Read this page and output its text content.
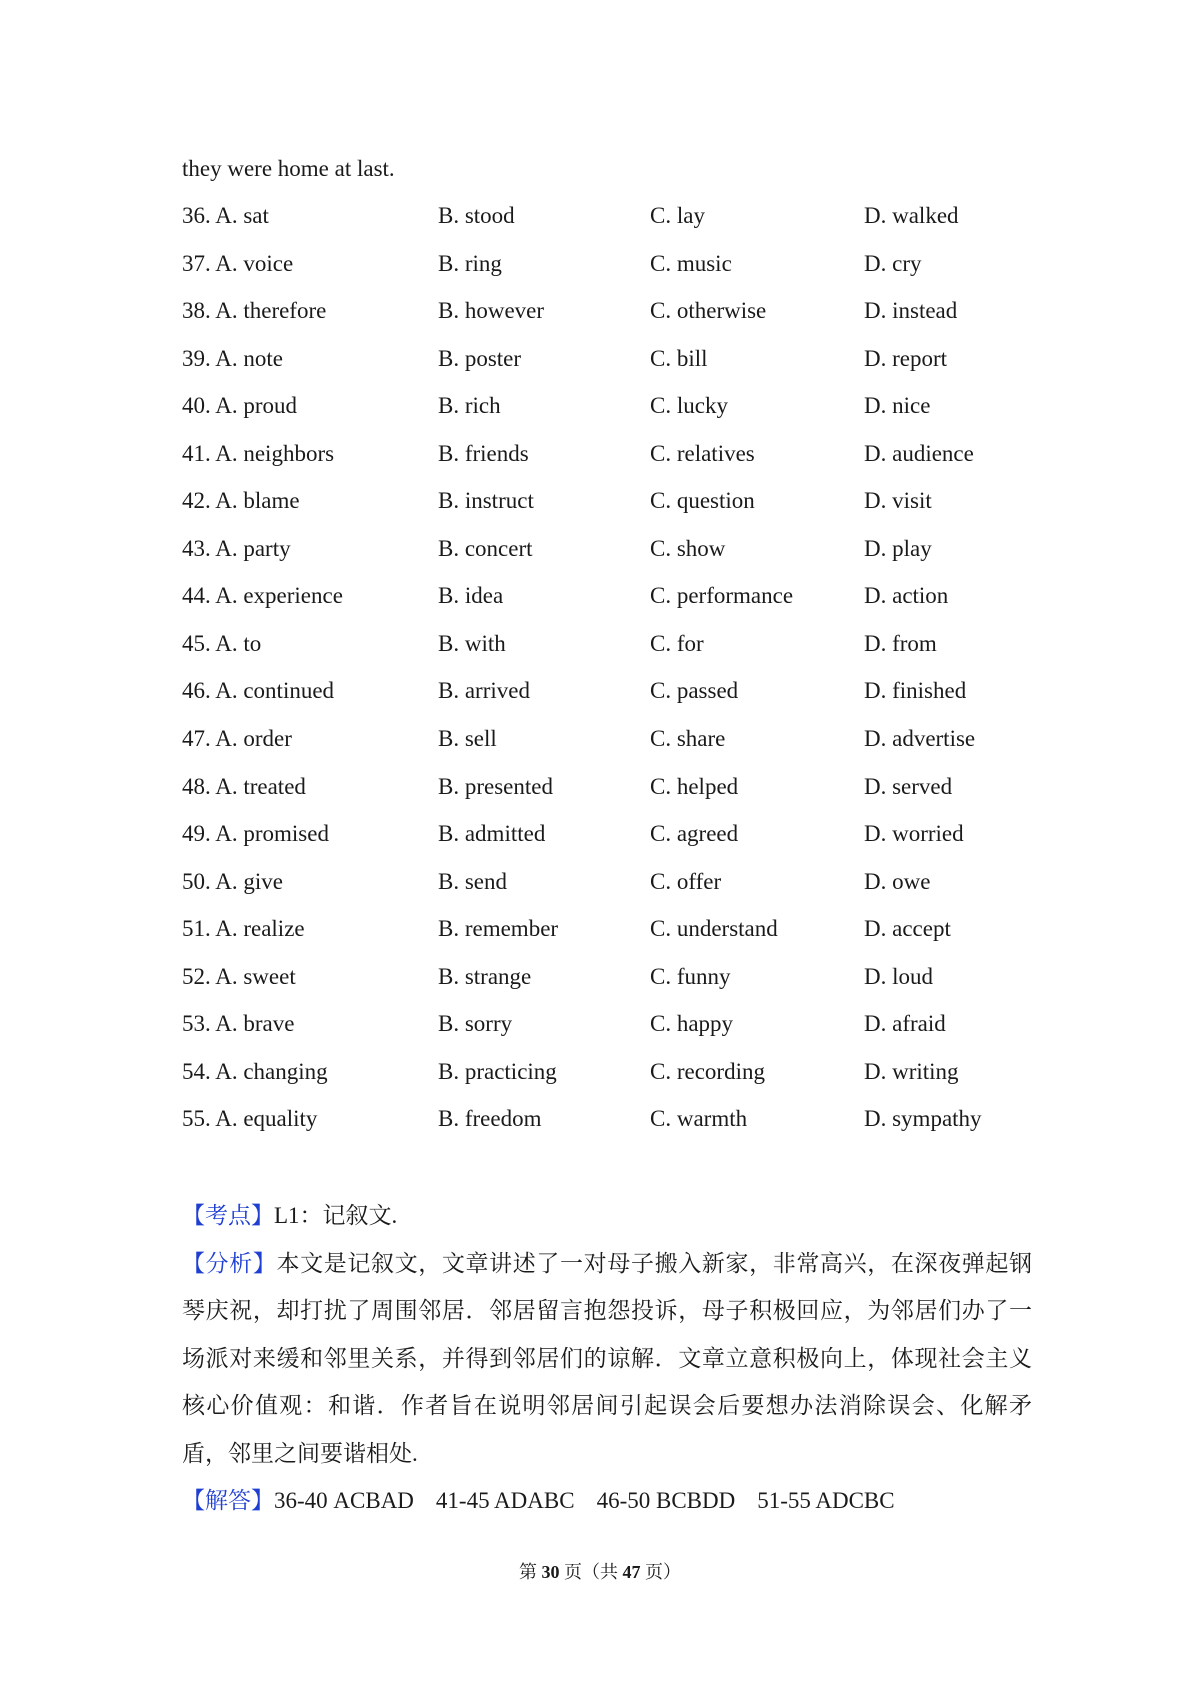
they were home at last.
36. A. sat	B. stood	C. lay	D. walked
37. A. voice	B. ring	C. music	D. cry
38. A. therefore	B. however	C. otherwise	D. instead
39. A. note	B. poster	C. bill	D. report
40. A. proud	B. rich	C. lucky	D. nice
41. A. neighbors	B. friends	C. relatives	D. audience
42. A. blame	B. instruct	C. question	D. visit
43. A. party	B. concert	C. show	D. play
44. A. experience	B. idea	C. performance	D. action
45. A. to	B. with	C. for	D. from
46. A. continued	B. arrived	C. passed	D. finished
47. A. order	B. sell	C. share	D. advertise
48. A. treated	B. presented	C. helped	D. served
49. A. promised	B. admitted	C. agreed	D. worried
50. A. give	B. send	C. offer	D. owe
51. A. realize	B. remember	C. understand	D. accept
52. A. sweet	B. strange	C. funny	D. loud
53. A. brave	B. sorry	C. happy	D. afraid
54. A. changing	B. practicing	C. recording	D. writing
55. A. equality	B. freedom	C. warmth	D. sympathy

【考点】L1：记叙文.

【分析】本文是记叙文，文章讲述了一对母子搬入新家，非常高兴，在深夜弹起钢琴庆祝，却打扰了周围邻居．邻居留言抱怨投诉，母子积极回应，为邻居们办了一场派对来缓和邻里关系，并得到邻居们的谅解．文章立意积极向上，体现社会主义核心价值观：和谐．作者旨在说明邻居间引起误会后要想办法消除误会、化解矛盾，邻里之间要谐相处.

【解答】36-40 ACBAD 41-45 ADABC 46-50 BCBDD 51-55 ADCBC

第 30 页（共 47 页）
